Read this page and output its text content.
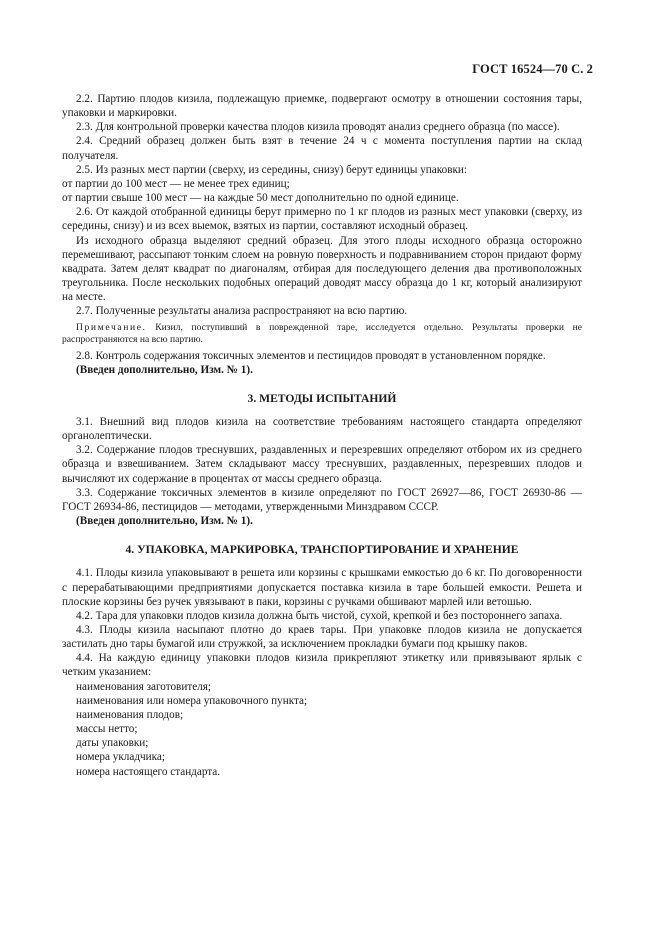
ГОСТ 16524—70 С. 2

2.2. Партию плодов кизила, подлежащую приемке, подвергают осмотру в отношении состояния тары, упаковки и маркировки.

2.3. Для контрольной проверки качества плодов кизила проводят анализ среднего образца (по массе).

2.4. Средний образец должен быть взят в течение 24 ч с момента поступления партии на склад получателя.

2.5. Из разных мест партии (сверху, из середины, снизу) берут единицы упаковки:

от партии до 100 мест — не менее трех единиц;

от партии свыше 100 мест — на каждые 50 мест дополнительно по одной единице.

2.6. От каждой отобранной единицы берут примерно по 1 кг плодов из разных мест упаковки (сверху, из середины, снизу) и из всех выемок, взятых из партии, составляют исходный образец.

Из исходного образца выделяют средний образец. Для этого плоды исходного образца осторожно перемешивают, рассыпают тонким слоем на ровную поверхность и подравниванием сторон придают форму квадрата. Затем делят квадрат по диагоналям, отбирая для последующего деления два противоположных треугольника. После нескольких подобных операций доводят массу образца до 1 кг, который анализируют на месте.

2.7. Полученные результаты анализа распространяют на всю партию.

Примечание. Кизил, поступивший в поврежденной таре, исследуется отдельно. Результаты проверки не распространяются на всю партию.

2.8. Контроль содержания токсичных элементов и пестицидов проводят в установленном порядке.

(Введен дополнительно, Изм. № 1).

3. МЕТОДЫ ИСПЫТАНИЙ

3.1. Внешний вид плодов кизила на соответствие требованиям настоящего стандарта определяют органолептически.

3.2. Содержание плодов треснувших, раздавленных и перезревших определяют отбором их из среднего образца и взвешиванием. Затем складывают массу треснувших, раздавленных, перезревших плодов и вычисляют их содержание в процентах от массы среднего образца.

3.3. Содержание токсичных элементов в кизиле определяют по ГОСТ 26927—86, ГОСТ 26930-86 — ГОСТ 26934-86, пестицидов — методами, утвержденными Минздравом СССР.

(Введен дополнительно, Изм. № 1).

4. УПАКОВКА, МАРКИРОВКА, ТРАНСПОРТИРОВАНИЕ И ХРАНЕНИЕ

4.1. Плоды кизила упаковывают в решета или корзины с крышками емкостью до 6 кг. По договоренности с перерабатывающими предприятиями допускается поставка кизила в таре большей емкости. Решета и плоские корзины без ручек увязывают в паки, корзины с ручками обшивают марлей или ветошью.

4.2. Тара для упаковки плодов кизила должна быть чистой, сухой, крепкой и без постороннего запаха.

4.3. Плоды кизила насыпают плотно до краев тары. При упаковке плодов кизила не допускается застилать дно тары бумагой или стружкой, за исключением прокладки бумаги под крышку паков.

4.4. На каждую единицу упаковки плодов кизила прикрепляют этикетку или привязывают ярлык с четким указанием:

наименования заготовителя;

наименования или номера упаковочного пункта;

наименования плодов;

массы нетто;

даты упаковки;

номера укладчика;

номера настоящего стандарта.
